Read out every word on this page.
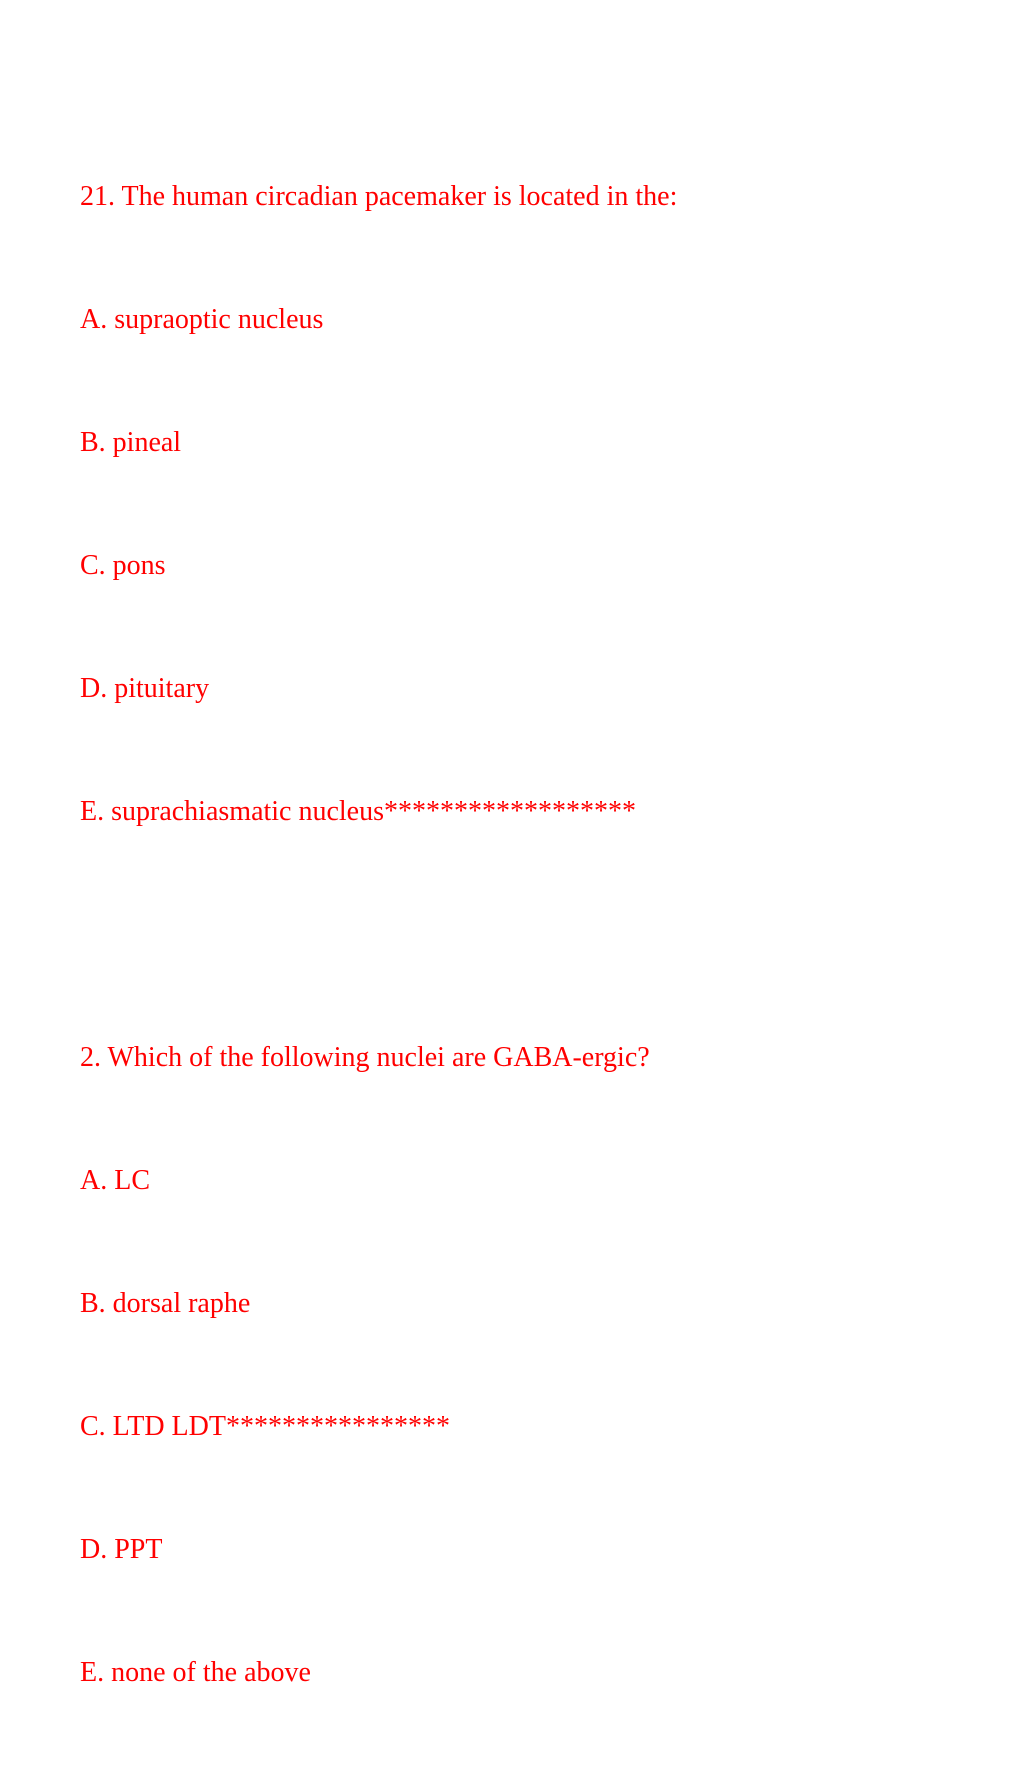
21. The human circadian pacemaker is located in the:

A. supraoptic nucleus

B. pineal

C. pons

D. pituitary

E. suprachiasmatic nucleus******************

2. Which of the following nuclei are GABA-ergic?

A. LC

B. dorsal raphe

C. LTD LDT****************

D. PPT

E. none of the above
